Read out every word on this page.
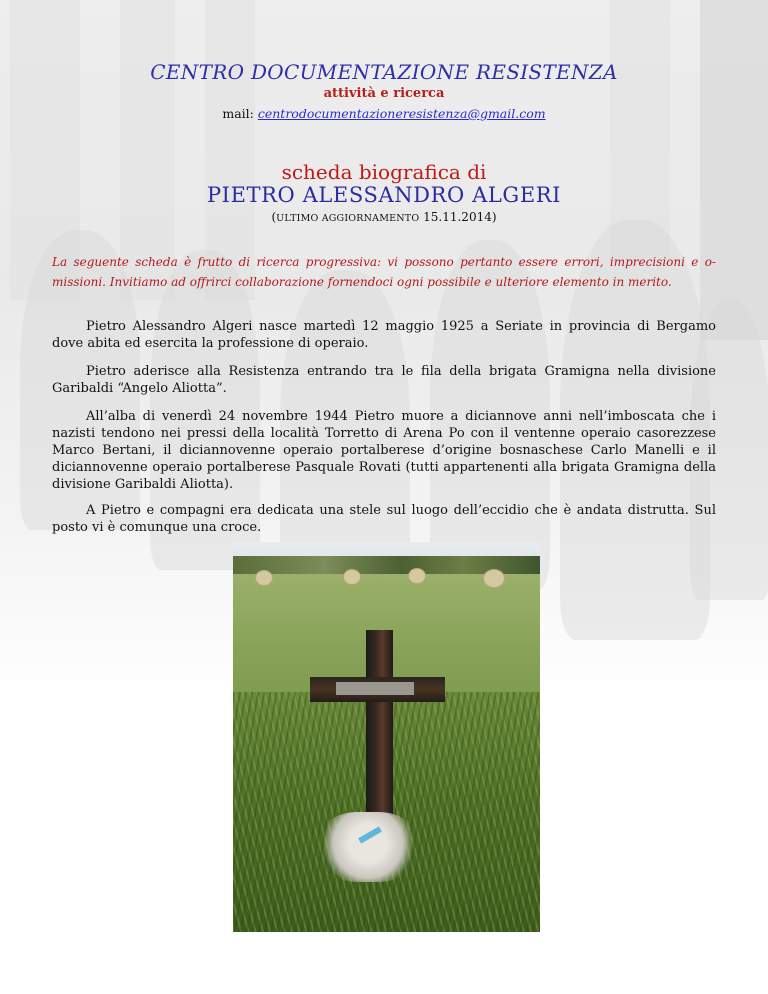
CENTRO DOCUMENTAZIONE RESISTENZA
attività e ricerca
mail: centrodocumentazioneresistenza@gmail.com
scheda biografica di
PIETRO ALESSANDRO ALGERI
(ULTIMO AGGIORNAMENTO 15.11.2014)
La seguente scheda è frutto di ricerca progressiva: vi possono pertanto essere errori, imprecisioni e o-missioni. Invitiamo ad offrirci collaborazione fornendoci ogni possibile e ulteriore elemento in merito.

Pietro Alessandro Algeri nasce martedì 12 maggio 1925 a Seriate in provincia di Bergamo dove abita ed esercita la professione di operaio.

Pietro aderisce alla Resistenza entrando tra le fila della brigata Gramigna nella divisione Garibaldi “Angelo Aliotta”.

All’alba di venerdì 24 novembre 1944 Pietro muore a diciannove anni nell’imboscata che i nazisti tendono nei pressi della località Torretto di Arena Po con il ventenne operaio casorezzese Marco Bertani, il diciannovenne operaio portalberese d’origine bosnaschese Carlo Manelli e il diciannovenne operaio portalberese Pasquale Rovati (tutti appartenenti alla brigata Gramigna della divisione Garibaldi Aliotta).

A Pietro e compagni era dedicata una stele sul luogo dell’eccidio che è andata distrutta. Sul posto vi è comunque una croce.
